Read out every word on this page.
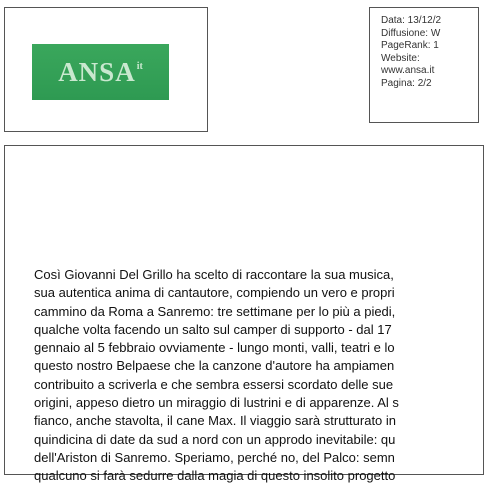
ANSA it
Data: 13/12/2
Diffusione: W
PageRank: 1
Website:
www.ansa.it
Pagina: 2/2
Così Giovanni Del Grillo ha scelto di raccontare la sua musica,
sua autentica anima di cantautore, compiendo un vero e propri
cammino da Roma a Sanremo: tre settimane per lo più a piedi,
qualche volta facendo un salto sul camper di supporto - dal 17
gennaio al 5 febbraio ovviamente - lungo monti, valli, teatri e lo
questo nostro Belpaese che la canzone d'autore ha ampiamen
contribuito a scriverla e che sembra essersi scordato delle sue
origini, appeso dietro un miraggio di lustrini e di apparenze. Al s
fianco, anche stavolta, il cane Max. Il viaggio sarà strutturato in
quindicina di date da sud a nord con un approdo inevitabile: qu
dell'Ariston di Sanremo. Speriamo, perché no, del Palco: semn
qualcuno si farà sedurre dalla magia di questo insolito progetto
